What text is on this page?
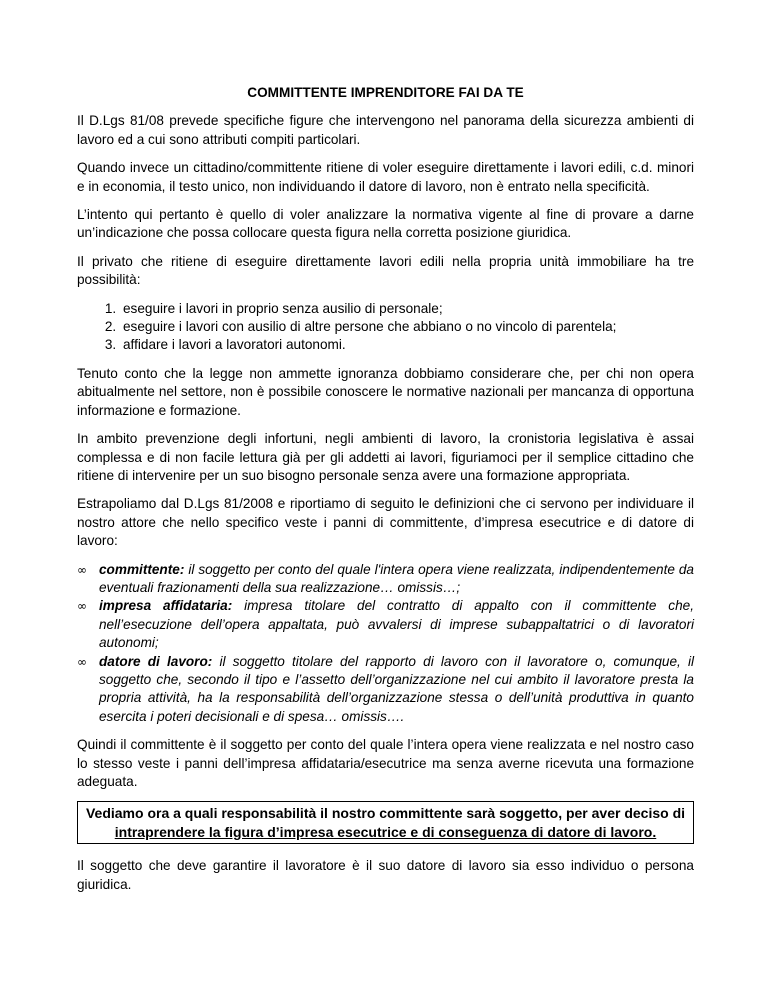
COMMITTENTE IMPRENDITORE FAI DA TE

Il D.Lgs 81/08 prevede specifiche figure che intervengono nel panorama della sicurezza ambienti di lavoro ed a cui sono attributi compiti particolari.

Quando invece un cittadino/committente ritiene di voler eseguire direttamente i lavori edili, c.d. minori e in economia, il testo unico, non individuando il datore di lavoro, non è entrato nella specificità.

L’intento qui pertanto è quello di voler analizzare la normativa vigente al fine di provare a darne un’indicazione che possa collocare questa figura nella corretta posizione giuridica.

Il privato che ritiene di eseguire direttamente lavori edili nella propria unità immobiliare ha tre possibilità:

1. eseguire i lavori in proprio senza ausilio di personale;
2. eseguire i lavori con ausilio di altre persone che abbiano o no vincolo di parentela;
3. affidare i lavori a lavoratori autonomi.

Tenuto conto che la legge non ammette ignoranza dobbiamo considerare che, per chi non opera abitualmente nel settore, non è possibile conoscere le normative nazionali per mancanza di opportuna informazione e formazione.

In ambito prevenzione degli infortuni, negli ambienti di lavoro, la cronistoria legislativa è assai complessa e di non facile lettura già per gli addetti ai lavori, figuriamoci per il semplice cittadino che ritiene di intervenire per un suo bisogno personale senza avere una formazione appropriata.

Estrapoliamo dal D.Lgs 81/2008 e riportiamo di seguito le definizioni che ci servono per individuare il nostro attore che nello specifico veste i panni di committente, d’impresa esecutrice e di datore di lavoro:

∞ committente: il soggetto per conto del quale l'intera opera viene realizzata, indipendentemente da eventuali frazionamenti della sua realizzazione… omissis…;
∞ impresa affidataria: impresa titolare del contratto di appalto con il committente che, nell’esecuzione dell’opera appaltata, può avvalersi di imprese subappaltatrici o di lavoratori autonomi;
∞ datore di lavoro: il soggetto titolare del rapporto di lavoro con il lavoratore o, comunque, il soggetto che, secondo il tipo e l’assetto dell’organizzazione nel cui ambito il lavoratore presta la propria attività, ha la responsabilità dell’organizzazione stessa o dell’unità produttiva in quanto esercita i poteri decisionali e di spesa… omissis….

Quindi il committente è il soggetto per conto del quale l’intera opera viene realizzata e nel nostro caso lo stesso veste i panni dell’impresa affidataria/esecutrice ma senza averne ricevuta una formazione adeguata.

Vediamo ora a quali responsabilità il nostro committente sarà soggetto, per aver deciso di
intraprendere la figura d’impresa esecutrice e di conseguenza di datore di lavoro.

Il soggetto che deve garantire il lavoratore è il suo datore di lavoro sia esso individuo o persona giuridica.
